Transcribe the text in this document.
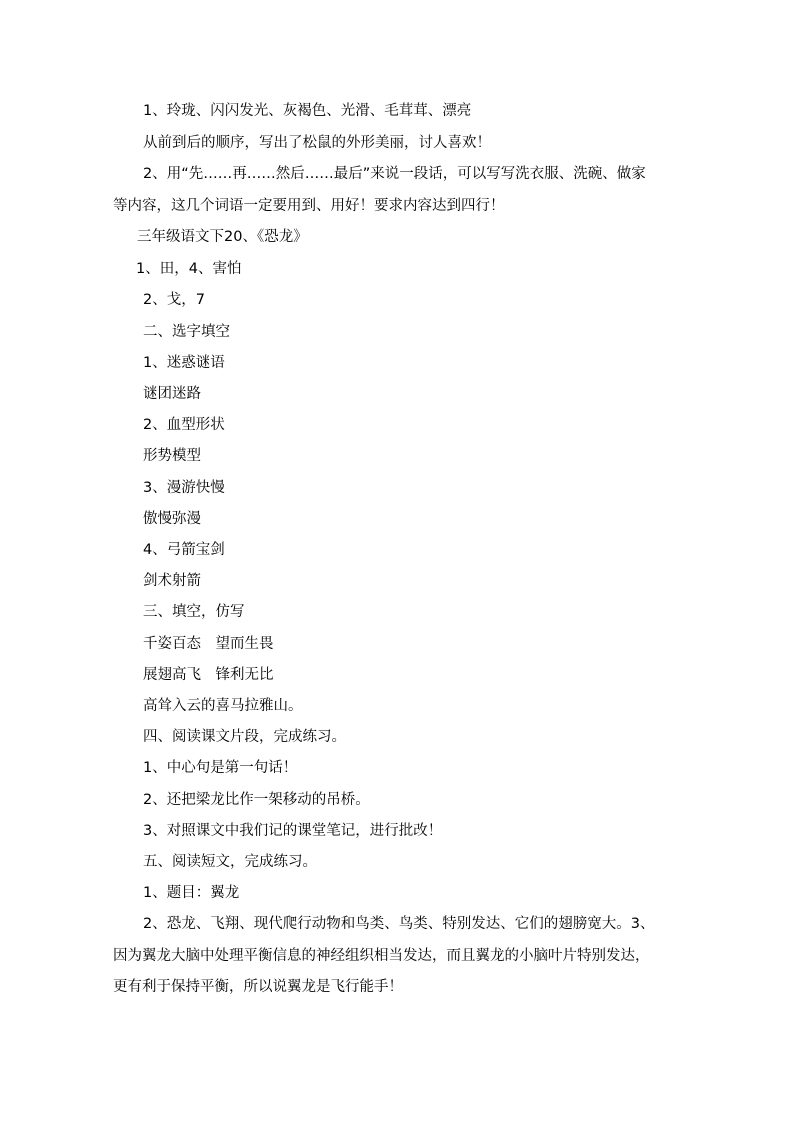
1、玲珑、闪闪发光、灰褐色、光滑、毛茸茸、漂亮
从前到后的顺序，写出了松鼠的外形美丽，讨人喜欢！
2、用“先……再……然后……最后”来说一段话，可以写写洗衣服、洗碗、做家
等内容，这几个词语一定要用到、用好！要求内容达到四行！
三年级语文下20、《恐龙》
1、田，4、害怕
2、戈，7
二、选字填空
1、迷惑谜语
谜团迷路
2、血型形状
形势模型
3、漫游快慢
傲慢弥漫
4、弓箭宝剑
剑术射箭
三、填空，仿写
千姿百态　望而生畏
展翅高飞　锋利无比
高耸入云的喜马拉雅山。
四、阅读课文片段，完成练习。
1、中心句是第一句话！
2、还把梁龙比作一架移动的吊桥。
3、对照课文中我们记的课堂笔记，进行批改！
五、阅读短文，完成练习。
1、题目：翼龙
2、恐龙、飞翔、现代爬行动物和鸟类、鸟类、特别发达、它们的翅膀宽大。3、
因为翼龙大脑中处理平衡信息的神经组织相当发达，而且翼龙的小脑叶片特别发达，
更有利于保持平衡，所以说翼龙是飞行能手！
